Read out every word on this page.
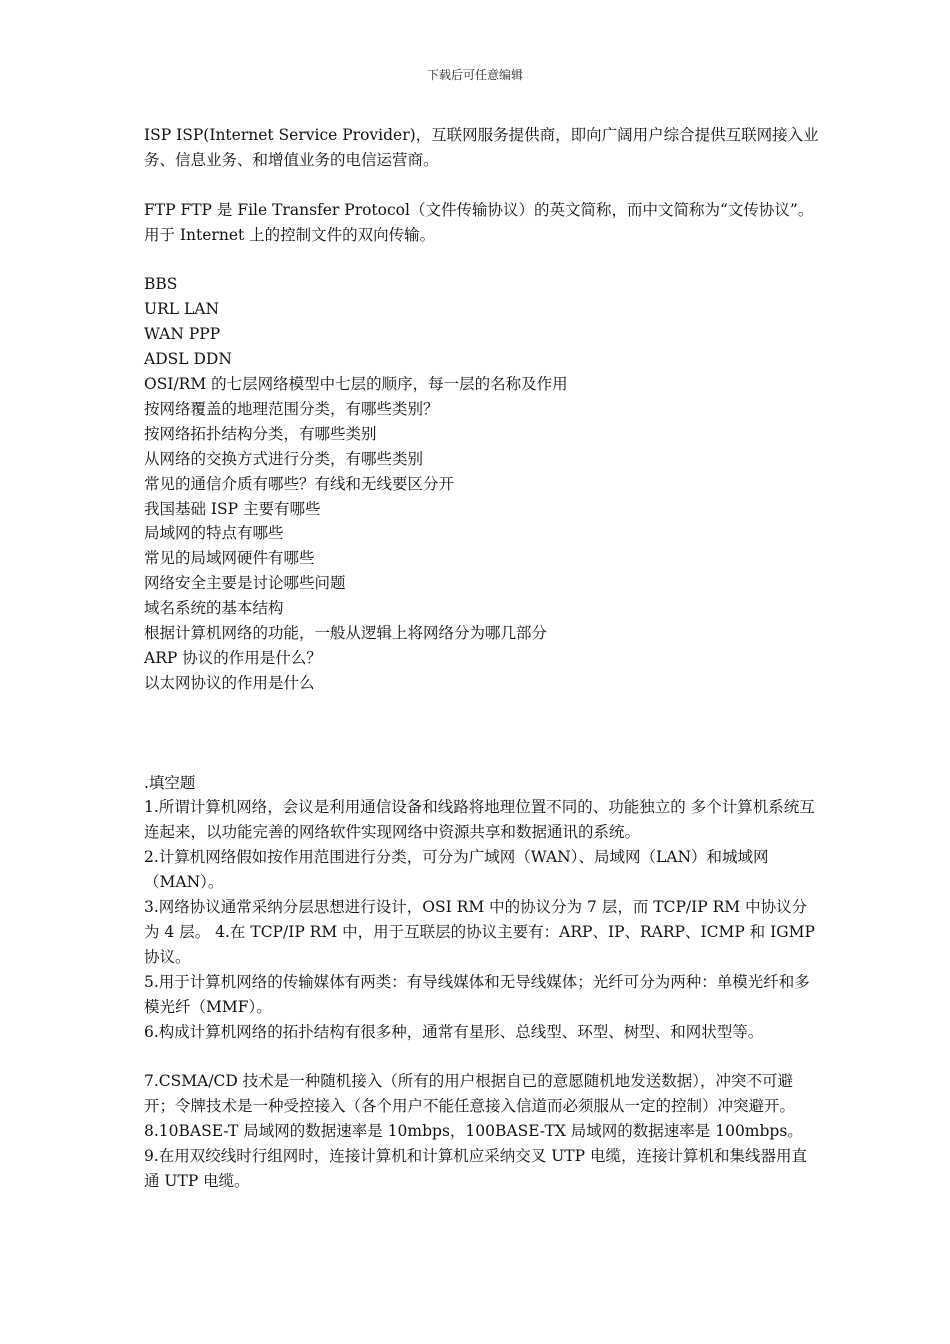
下载后可任意编辑

ISP ISP(Internet Service Provider)，互联网服务提供商，即向广阔用户综合提供互联网接入业务、信息业务、和增值业务的电信运营商。

FTP FTP 是 File Transfer Protocol（文件传输协议）的英文简称，而中文简称为“文传协议”。用于 Internet 上的控制文件的双向传输。

BBS

URL LAN

WAN PPP

ADSL DDN

OSI/RM 的七层网络模型中七层的顺序，每一层的名称及作用

按网络覆盖的地理范围分类，有哪些类别？

按网络拓扑结构分类，有哪些类别

从网络的交换方式进行分类，有哪些类别

常见的通信介质有哪些？有线和无线要区分开

我国基础 ISP 主要有哪些

局域网的特点有哪些

常见的局域网硬件有哪些

网络安全主要是讨论哪些问题

域名系统的基本结构

根据计算机网络的功能，一般从逻辑上将网络分为哪几部分

ARP 协议的作用是什么？

以太网协议的作用是什么

.填空题

1.所谓计算机网络，会议是利用通信设备和线路将地理位置不同的、功能独立的 多个计算机系统互连起来，以功能完善的网络软件实现网络中资源共享和数据通讯的系统。

2.计算机网络假如按作用范围进行分类，可分为广域网（WAN）、局域网（LAN）和城域网（MAN）。

3.网络协议通常采纳分层思想进行设计，OSI RM 中的协议分为 7 层，而 TCP/IP RM 中协议分为 4 层。 4.在 TCP/IP RM 中，用于互联层的协议主要有：ARP、IP、RARP、ICMP 和 IGMP 协议。

5.用于计算机网络的传输媒体有两类：有导线媒体和无导线媒体；光纤可分为两种：单模光纤和多模光纤（MMF）。

6.构成计算机网络的拓扑结构有很多种，通常有星形、总线型、环型、树型、和网状型等。

7.CSMA/CD 技术是一种随机接入（所有的用户根据自已的意愿随机地发送数据），冲突不可避开；令牌技术是一种受控接入（各个用户不能任意接入信道而必须服从一定的控制）冲突避开。

8.10BASE-T 局域网的数据速率是 10mbps，100BASE-TX 局域网的数据速率是 100mbps。

9.在用双绞线时行组网时，连接计算机和计算机应采纳交叉 UTP 电缆，连接计算机和集线器用直通 UTP 电缆。
